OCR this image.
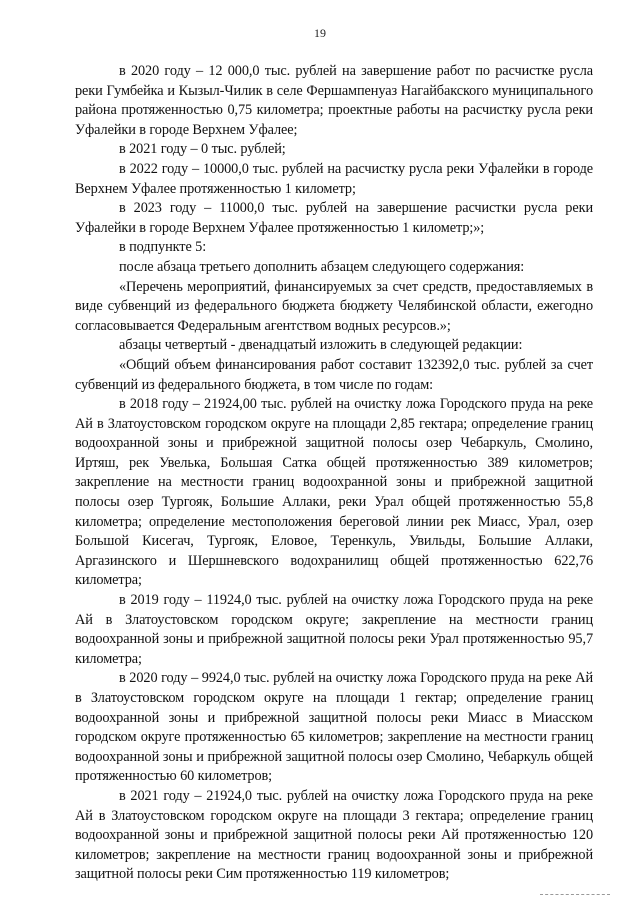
19

в 2020 году – 12 000,0 тыс. рублей на завершение работ по расчистке русла реки Гумбейка и Кызыл-Чилик в селе Фершампенуаз Нагайбакского муниципального района протяженностью 0,75 километра; проектные работы на расчистку русла реки Уфалейки в городе Верхнем Уфалее;

в 2021 году – 0 тыс. рублей;

в 2022 году – 10000,0 тыс. рублей на расчистку русла реки Уфалейки в городе Верхнем Уфалее протяженностью 1 километр;

в 2023 году – 11000,0 тыс. рублей на завершение расчистки русла реки Уфалейки в городе Верхнем Уфалее протяженностью 1 километр;»;

в подпункте 5:

после абзаца третьего дополнить абзацем следующего содержания:

«Перечень мероприятий, финансируемых за счет средств, предоставляемых в виде субвенций из федерального бюджета бюджету Челябинской области, ежегодно согласовывается Федеральным агентством водных ресурсов.»;

абзацы четвертый - двенадцатый изложить в следующей редакции:

«Общий объем финансирования работ составит 132392,0 тыс. рублей за счет субвенций из федерального бюджета, в том числе по годам:

в 2018 году – 21924,00 тыс. рублей на очистку ложа Городского пруда на реке Ай в Златоустовском городском округе на площади 2,85 гектара; определение границ водоохранной зоны и прибрежной защитной полосы озер Чебаркуль, Смолино, Иртяш, рек Увелька, Большая Сатка общей протяженностью 389 километров; закрепление на местности границ водоохранной зоны и прибрежной защитной полосы озер Тургояк, Большие Аллаки, реки Урал общей протяженностью 55,8 километра; определение местоположения береговой линии рек Миасс, Урал, озер Большой Кисегач, Тургояк, Еловое, Теренкуль, Увильды, Большие Аллаки, Аргазинского и Шершневского водохранилищ общей протяженностью 622,76 километра;

в 2019 году – 11924,0 тыс. рублей на очистку ложа Городского пруда на реке Ай в Златоустовском городском округе; закрепление на местности границ водоохранной зоны и прибрежной защитной полосы реки Урал протяженностью 95,7 километра;

в 2020 году – 9924,0 тыс. рублей на очистку ложа Городского пруда на реке Ай в Златоустовском городском округе на площади 1 гектар; определение границ водоохранной зоны и прибрежной защитной полосы реки Миасс в Миасском городском округе протяженностью 65 километров; закрепление на местности границ водоохранной зоны и прибрежной защитной полосы озер Смолино, Чебаркуль общей протяженностью 60 километров;

в 2021 году – 21924,0 тыс. рублей на очистку ложа Городского пруда на реке Ай в Златоустовском городском округе на площади 3 гектара; определение границ водоохранной зоны и прибрежной защитной полосы реки Ай протяженностью 120 километров; закрепление на местности границ водоохранной зоны и прибрежной защитной полосы реки Сим протяженностью 119 километров;
